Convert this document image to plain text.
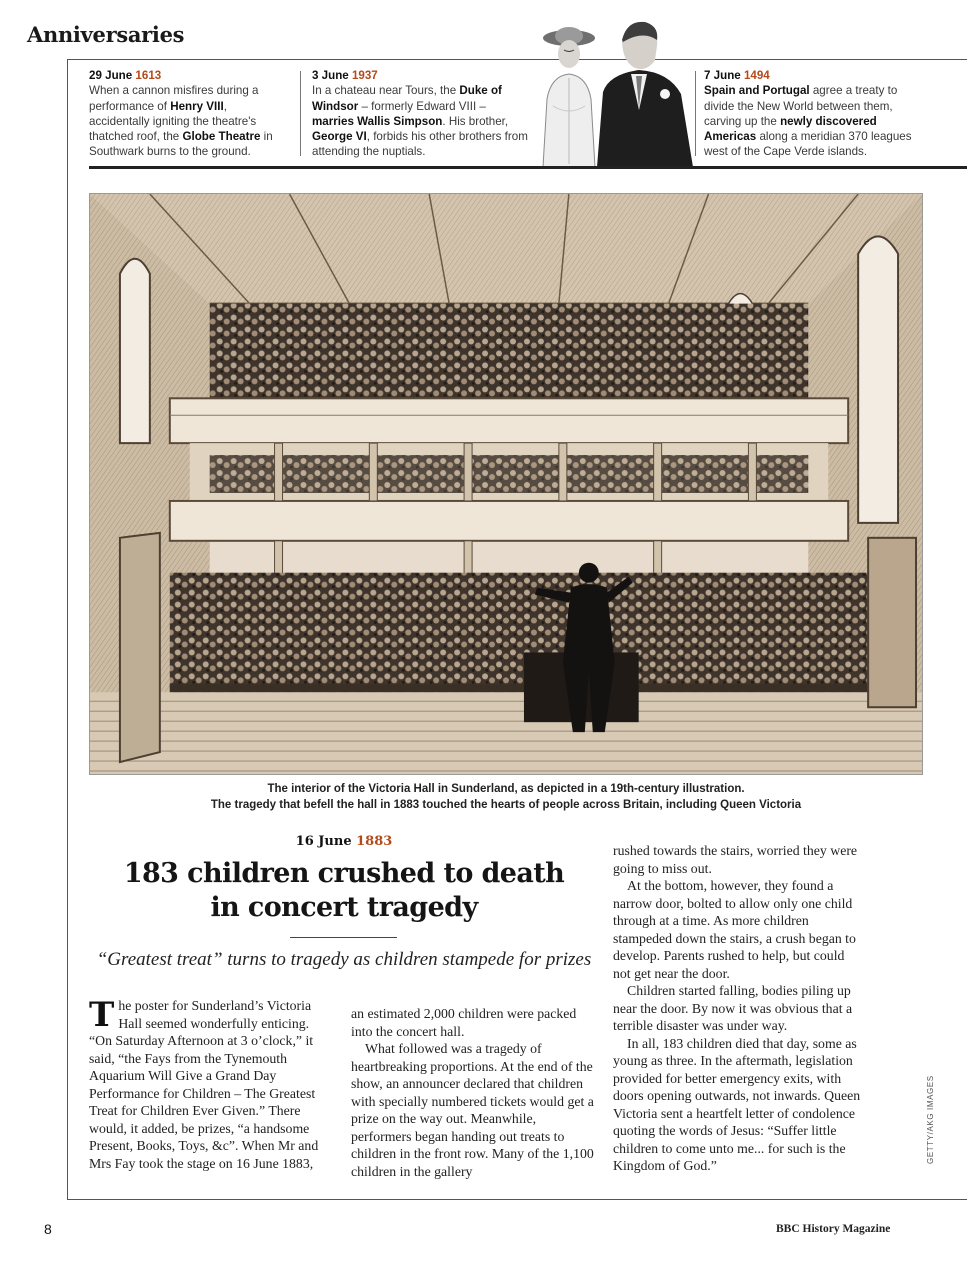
Anniversaries
29 June 1613
When a cannon misfires during a performance of Henry VIII, accidentally igniting the theatre's thatched roof, the Globe Theatre in Southwark burns to the ground.
3 June 1937
In a chateau near Tours, the Duke of Windsor – formerly Edward VIII – marries Wallis Simpson. His brother, George VI, forbids his other brothers from attending the nuptials.
7 June 1494
Spain and Portugal agree a treaty to divide the New World between them, carving up the newly discovered Americas along a meridian 370 leagues west of the Cape Verde islands.
The interior of the Victoria Hall in Sunderland, as depicted in a 19th-century illustration.
The tragedy that befell the hall in 1883 touched the hearts of people across Britain, including Queen Victoria
16 June 1883
183 children crushed to death
in concert tragedy
“Greatest treat” turns to tragedy as children stampede for prizes

The poster for Sunderland’s Victoria Hall seemed wonderfully enticing. “On Saturday Afternoon at 3 o’clock,” it said, “the Fays from the Tynemouth Aquarium Will Give a Grand Day Performance for Children – The Greatest Treat for Children Ever Given.” There would, it added, be prizes, “a handsome Present, Books, Toys, &c”. When Mr and Mrs Fay took the stage on 16 June 1883,

an estimated 2,000 children were packed into the concert hall.

What followed was a tragedy of heartbreaking proportions. At the end of the show, an announcer declared that children with specially numbered tickets would get a prize on the way out. Meanwhile, performers began handing out treats to children in the front row. Many of the 1,100 children in the gallery

rushed towards the stairs, worried they were going to miss out.

At the bottom, however, they found a narrow door, bolted to allow only one child through at a time. As more children stampeded down the stairs, a crush began to develop. Parents rushed to help, but could not get near the door.

Children started falling, bodies piling up near the door. By now it was obvious that a terrible disaster was under way.

In all, 183 children died that day, some as young as three. In the aftermath, legislation provided for better emergency exits, with doors opening outwards, not inwards. Queen Victoria sent a heartfelt letter of condolence quoting the words of Jesus: “Suffer little children to come unto me... for such is the Kingdom of God.”

GETTY/AKG IMAGES
8	BBC History Magazine
